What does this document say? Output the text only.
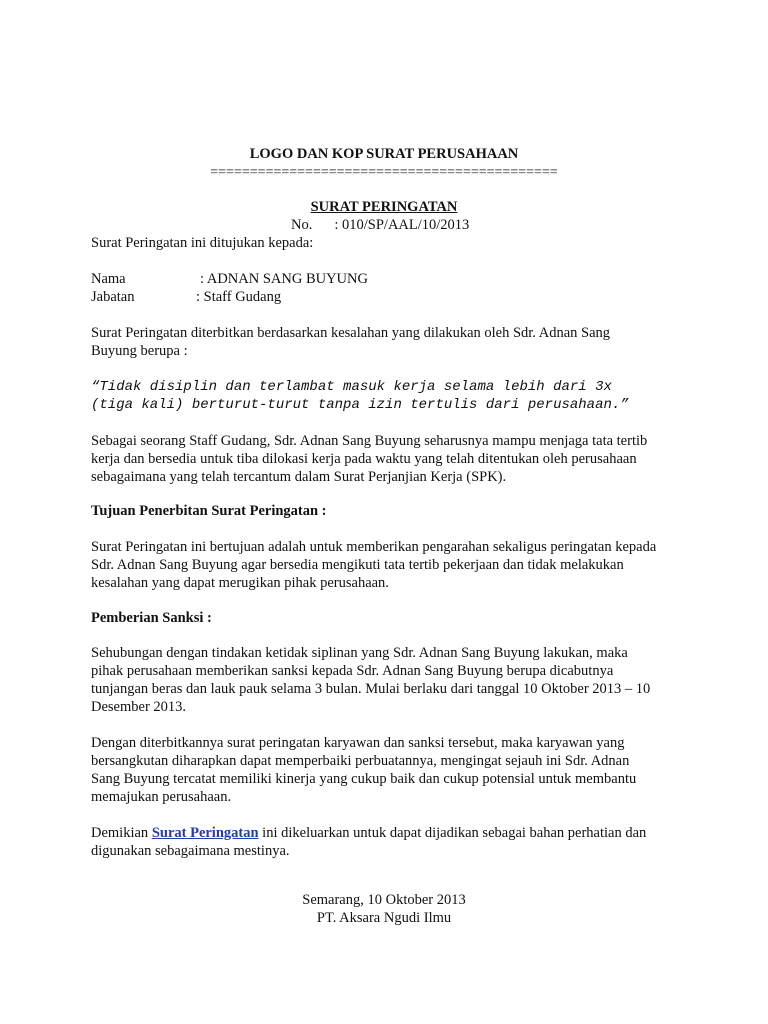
LOGO DAN KOP SURAT PERUSAHAAN
============================================
SURAT PERINGATAN
No. : 010/SP/AAL/10/2013
Surat Peringatan ini ditujukan kepada:
Nama	: ADNAN SANG BUYUNG
Jabatan	: Staff Gudang
Surat Peringatan diterbitkan berdasarkan kesalahan yang dilakukan oleh Sdr. Adnan Sang
Buyung berupa :
“Tidak disiplin dan terlambat masuk kerja selama lebih dari 3x
(tiga kali) berturut-turut tanpa izin tertulis dari perusahaan.”
Sebagai seorang Staff Gudang, Sdr. Adnan Sang Buyung seharusnya mampu menjaga tata tertib
kerja dan bersedia untuk tiba dilokasi kerja pada waktu yang telah ditentukan oleh perusahaan
sebagaimana yang telah tercantum dalam Surat Perjanjian Kerja (SPK).
Tujuan Penerbitan Surat Peringatan :
Surat Peringatan ini bertujuan adalah untuk memberikan pengarahan sekaligus peringatan kepada
Sdr. Adnan Sang Buyung agar bersedia mengikuti tata tertib pekerjaan dan tidak melakukan
kesalahan yang dapat merugikan pihak perusahaan.
Pemberian Sanksi :
Sehubungan dengan tindakan ketidak siplinan yang Sdr. Adnan Sang Buyung lakukan, maka
pihak perusahaan memberikan sanksi kepada Sdr. Adnan Sang Buyung berupa dicabutnya
tunjangan beras dan lauk pauk selama 3 bulan. Mulai berlaku dari tanggal 10 Oktober 2013 – 10
Desember 2013.
Dengan diterbitkannya surat peringatan karyawan dan sanksi tersebut, maka karyawan yang
bersangkutan diharapkan dapat memperbaiki perbuatannya, mengingat sejauh ini Sdr. Adnan
Sang Buyung tercatat memiliki kinerja yang cukup baik dan cukup potensial untuk membantu
memajukan perusahaan.
Demikian Surat Peringatan ini dikeluarkan untuk dapat dijadikan sebagai bahan perhatian dan
digunakan sebagaimana mestinya.
Semarang, 10 Oktober 2013
PT. Aksara Ngudi Ilmu
